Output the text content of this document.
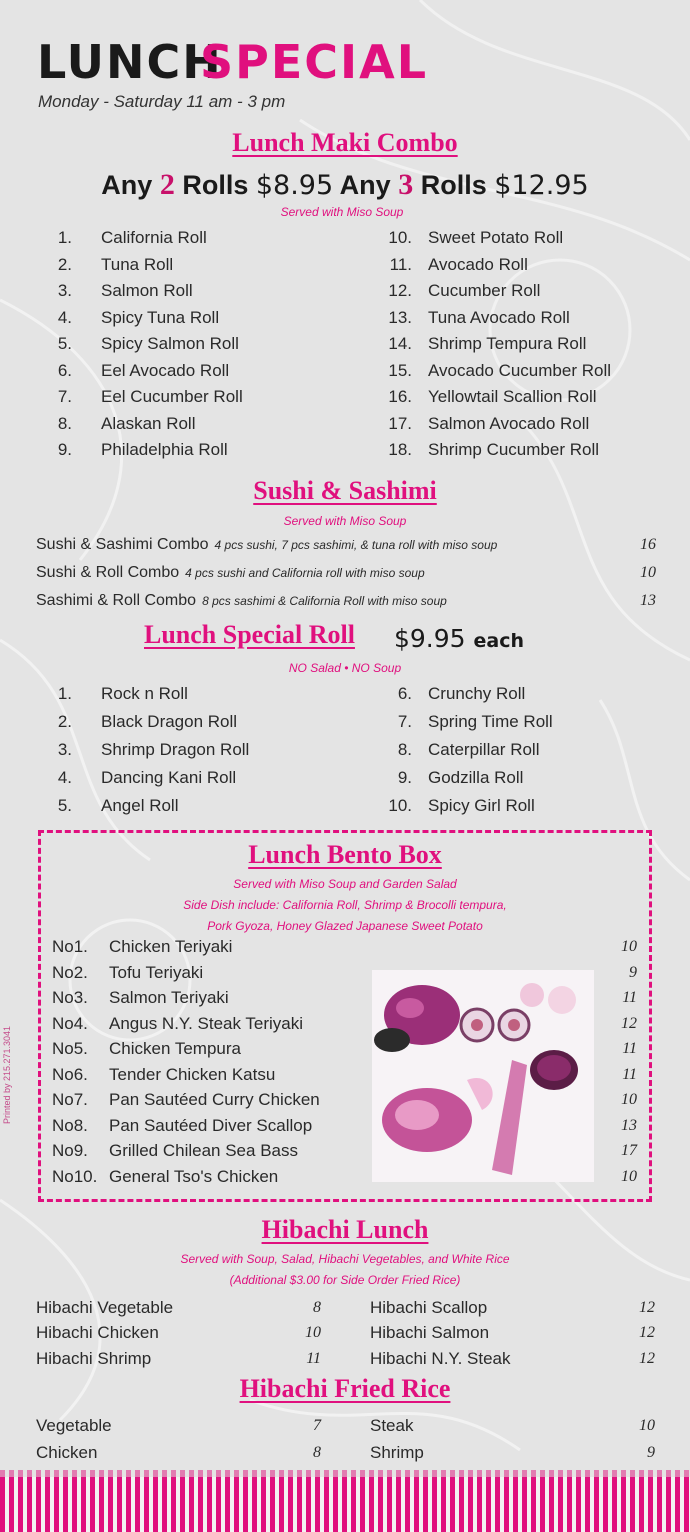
LUNCH
SPECIAL
Monday - Saturday 11 am - 3 pm
Lunch Maki Combo
Any 2 Rolls $8.95 Any 3 Rolls $12.95
Served with Miso Soup
1. California Roll
2. Tuna Roll
3. Salmon Roll
4. Spicy Tuna Roll
5. Spicy Salmon Roll
6. Eel Avocado Roll
7. Eel Cucumber Roll
8. Alaskan Roll
9. Philadelphia Roll
10. Sweet Potato Roll
11. Avocado Roll
12. Cucumber Roll
13. Tuna Avocado Roll
14. Shrimp Tempura Roll
15. Avocado Cucumber Roll
16. Yellowtail Scallion Roll
17. Salmon Avocado Roll
18. Shrimp Cucumber Roll
Sushi & Sashimi
Served with Miso Soup
Sushi & Sashimi Combo 4 pcs sushi, 7 pcs sashimi, & tuna roll with miso soup	16
Sushi & Roll Combo 4 pcs sushi and California roll with miso soup	10
Sashimi & Roll Combo 8 pcs sashimi & California Roll with miso soup	13
Lunch Special Roll $9.95 each
NO Salad • NO Soup
1. Rock n Roll
2. Black Dragon Roll
3. Shrimp Dragon Roll
4. Dancing Kani Roll
5. Angel Roll
6. Crunchy Roll
7. Spring Time Roll
8. Caterpillar Roll
9. Godzilla Roll
10. Spicy Girl Roll
Lunch Bento Box
Served with Miso Soup and Garden Salad
Side Dish include: California Roll, Shrimp & Brocolli tempura,
Pork Gyoza, Honey Glazed Japanese Sweet Potato
No1.	Chicken Teriyaki	10
No2.	Tofu Teriyaki	9
No3.	Salmon Teriyaki	11
No4.	Angus N.Y. Steak Teriyaki	12
No5.	Chicken Tempura	11
No6.	Tender Chicken Katsu	11
No7.	Pan Sautéed Curry Chicken	10
No8.	Pan Sautéed Diver Scallop	13
No9.	Grilled Chilean Sea Bass	17
No10. General Tso's Chicken	10
Printed by 215.271.3041
Hibachi Lunch
Served with Soup, Salad, Hibachi Vegetables, and White Rice
(Additional $3.00 for Side Order Fried Rice)
Hibachi Vegetable	8
Hibachi Chicken	10
Hibachi Shrimp	11
Hibachi Scallop	12
Hibachi Salmon	12
Hibachi N.Y. Steak	12
Hibachi Fried Rice
Vegetable	7
Chicken	8
Steak	10
Shrimp	9
